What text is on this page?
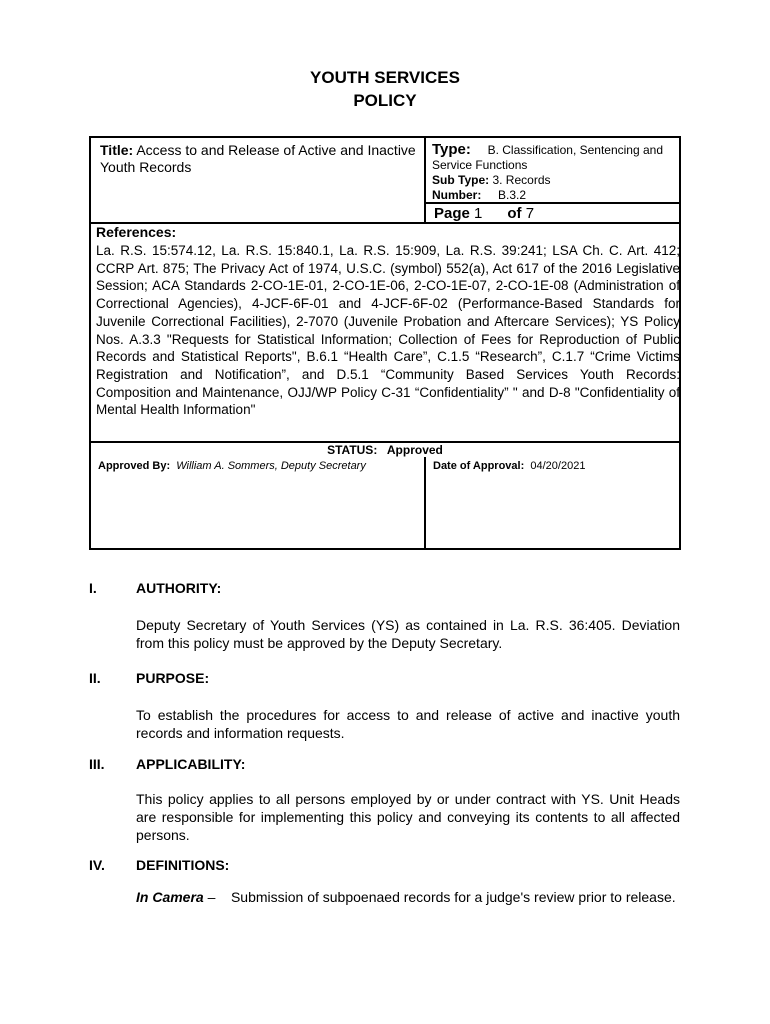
YOUTH SERVICES
POLICY
Title: Access to and Release of Active and Inactive Youth Records
Type: B. Classification, Sentencing and Service Functions
Sub Type: 3. Records
Number: B.3.2
Page 1 of 7
References:
La. R.S. 15:574.12, La. R.S. 15:840.1, La. R.S. 15:909, La. R.S. 39:241; LSA Ch. C. Art. 412; CCRP Art. 875; The Privacy Act of 1974, U.S.C. (symbol) 552(a), Act 617 of the 2016 Legislative Session; ACA Standards 2-CO-1E-01, 2-CO-1E-06, 2-CO-1E-07, 2-CO-1E-08 (Administration of Correctional Agencies), 4-JCF-6F-01 and 4-JCF-6F-02 (Performance-Based Standards for Juvenile Correctional Facilities), 2-7070 (Juvenile Probation and Aftercare Services); YS Policy Nos. A.3.3 "Requests for Statistical Information; Collection of Fees for Reproduction of Public Records and Statistical Reports", B.6.1 “Health Care”, C.1.5 “Research”, C.1.7 “Crime Victims Registration and Notification”, and D.5.1 “Community Based Services Youth Records: Composition and Maintenance, OJJ/WP Policy C-31 “Confidentiality” " and D-8 "Confidentiality of Mental Health Information"
STATUS: Approved
Approved By: William A. Sommers, Deputy Secretary	Date of Approval: 04/20/2021
I.	AUTHORITY:
Deputy Secretary of Youth Services (YS) as contained in La. R.S. 36:405. Deviation from this policy must be approved by the Deputy Secretary.
II.	PURPOSE:
To establish the procedures for access to and release of active and inactive youth records and information requests.
III. APPLICABILITY:
This policy applies to all persons employed by or under contract with YS. Unit Heads are responsible for implementing this policy and conveying its contents to all affected persons.
IV. DEFINITIONS:
In Camera –    Submission of subpoenaed records for a judge's review prior to release.
